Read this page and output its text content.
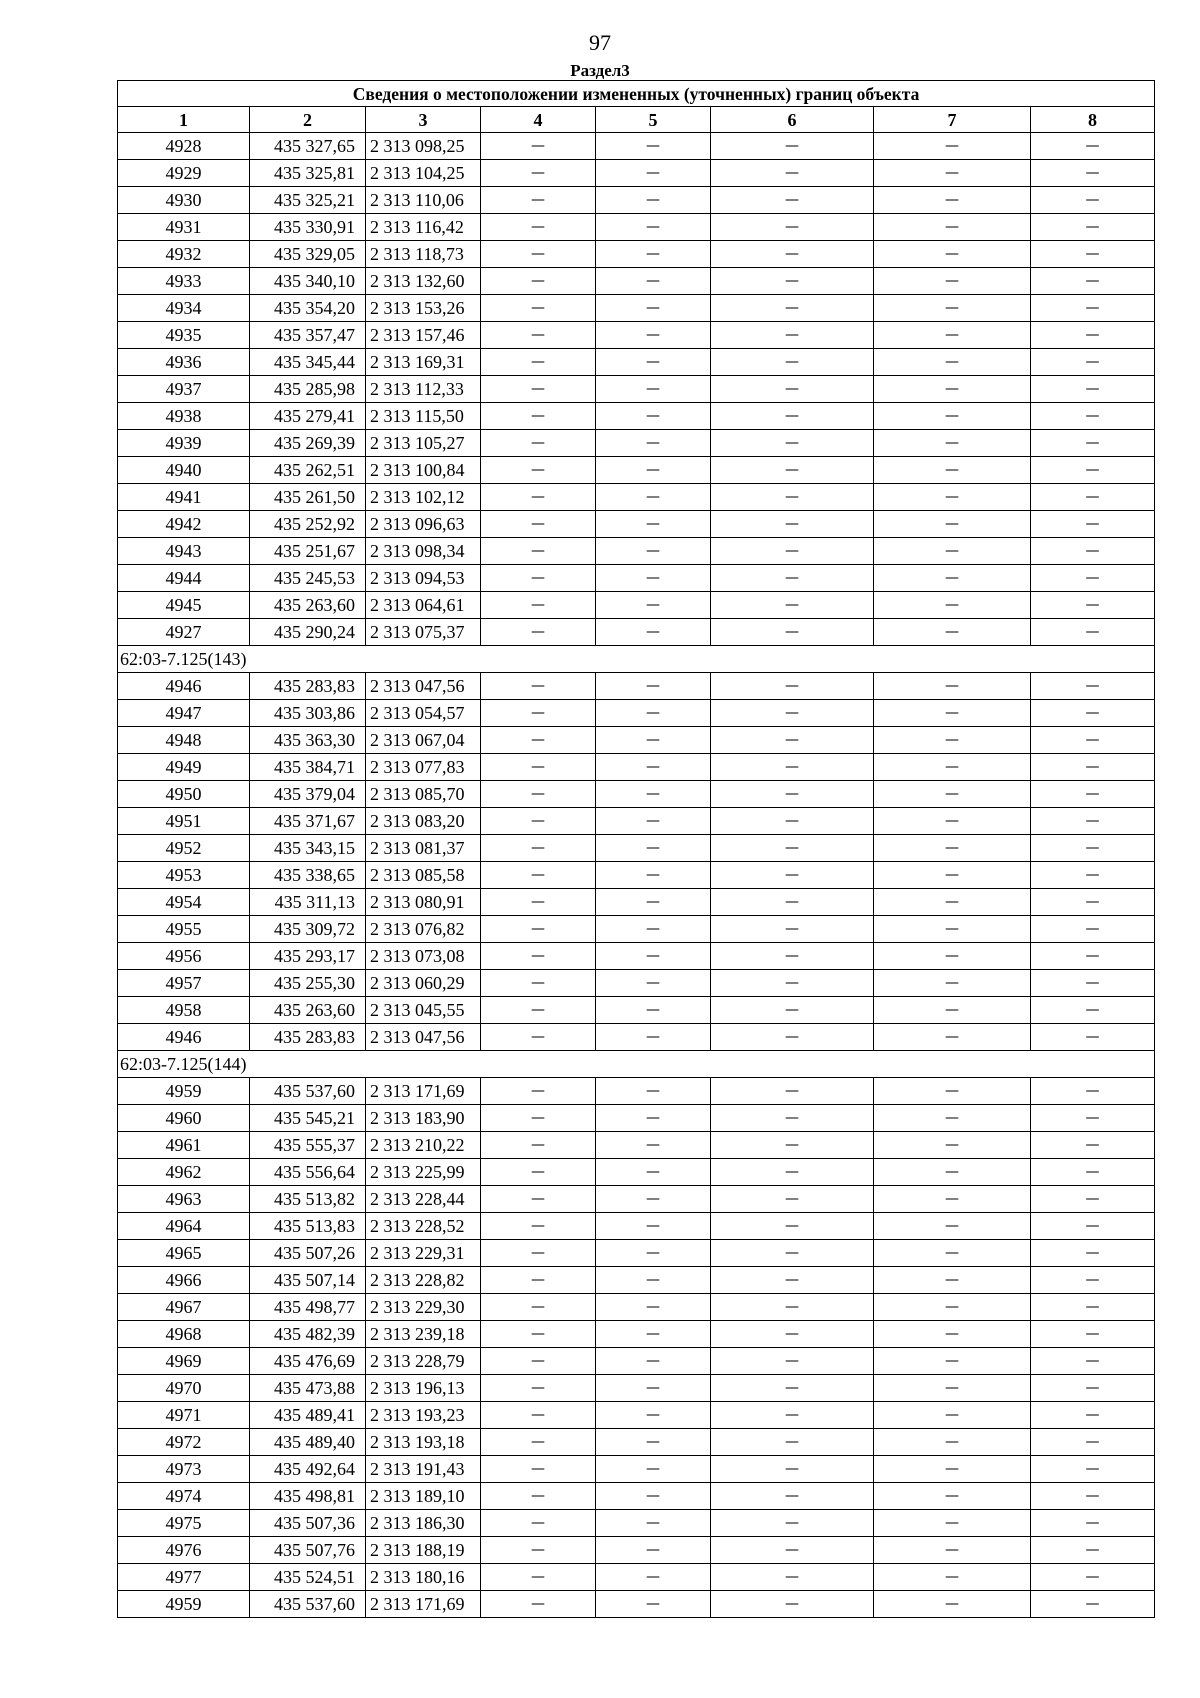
97
Раздел3
Сведения о местоположении измененных (уточненных) границ объекта							
1	2	3	4	5	6	7	8
4928	435 327,65	2 313 098,25	—	—	—	—	—
4929	435 325,81	2 313 104,25	—	—	—	—	—
4930	435 325,21	2 313 110,06	—	—	—	—	—
4931	435 330,91	2 313 116,42	—	—	—	—	—
4932	435 329,05	2 313 118,73	—	—	—	—	—
4933	435 340,10	2 313 132,60	—	—	—	—	—
4934	435 354,20	2 313 153,26	—	—	—	—	—
4935	435 357,47	2 313 157,46	—	—	—	—	—
4936	435 345,44	2 313 169,31	—	—	—	—	—
4937	435 285,98	2 313 112,33	—	—	—	—	—
4938	435 279,41	2 313 115,50	—	—	—	—	—
4939	435 269,39	2 313 105,27	—	—	—	—	—
4940	435 262,51	2 313 100,84	—	—	—	—	—
4941	435 261,50	2 313 102,12	—	—	—	—	—
4942	435 252,92	2 313 096,63	—	—	—	—	—
4943	435 251,67	2 313 098,34	—	—	—	—	—
4944	435 245,53	2 313 094,53	—	—	—	—	—
4945	435 263,60	2 313 064,61	—	—	—	—	—
4927	435 290,24	2 313 075,37	—	—	—	—	—
62:03-7.125(143)							
4946	435 283,83	2 313 047,56	—	—	—	—	—
4947	435 303,86	2 313 054,57	—	—	—	—	—
4948	435 363,30	2 313 067,04	—	—	—	—	—
4949	435 384,71	2 313 077,83	—	—	—	—	—
4950	435 379,04	2 313 085,70	—	—	—	—	—
4951	435 371,67	2 313 083,20	—	—	—	—	—
4952	435 343,15	2 313 081,37	—	—	—	—	—
4953	435 338,65	2 313 085,58	—	—	—	—	—
4954	435 311,13	2 313 080,91	—	—	—	—	—
4955	435 309,72	2 313 076,82	—	—	—	—	—
4956	435 293,17	2 313 073,08	—	—	—	—	—
4957	435 255,30	2 313 060,29	—	—	—	—	—
4958	435 263,60	2 313 045,55	—	—	—	—	—
4946	435 283,83	2 313 047,56	—	—	—	—	—
62:03-7.125(144)							
4959	435 537,60	2 313 171,69	—	—	—	—	—
4960	435 545,21	2 313 183,90	—	—	—	—	—
4961	435 555,37	2 313 210,22	—	—	—	—	—
4962	435 556,64	2 313 225,99	—	—	—	—	—
4963	435 513,82	2 313 228,44	—	—	—	—	—
4964	435 513,83	2 313 228,52	—	—	—	—	—
4965	435 507,26	2 313 229,31	—	—	—	—	—
4966	435 507,14	2 313 228,82	—	—	—	—	—
4967	435 498,77	2 313 229,30	—	—	—	—	—
4968	435 482,39	2 313 239,18	—	—	—	—	—
4969	435 476,69	2 313 228,79	—	—	—	—	—
4970	435 473,88	2 313 196,13	—	—	—	—	—
4971	435 489,41	2 313 193,23	—	—	—	—	—
4972	435 489,40	2 313 193,18	—	—	—	—	—
4973	435 492,64	2 313 191,43	—	—	—	—	—
4974	435 498,81	2 313 189,10	—	—	—	—	—
4975	435 507,36	2 313 186,30	—	—	—	—	—
4976	435 507,76	2 313 188,19	—	—	—	—	—
4977	435 524,51	2 313 180,16	—	—	—	—	—
4959	435 537,60	2 313 171,69	—	—	—	—	—
